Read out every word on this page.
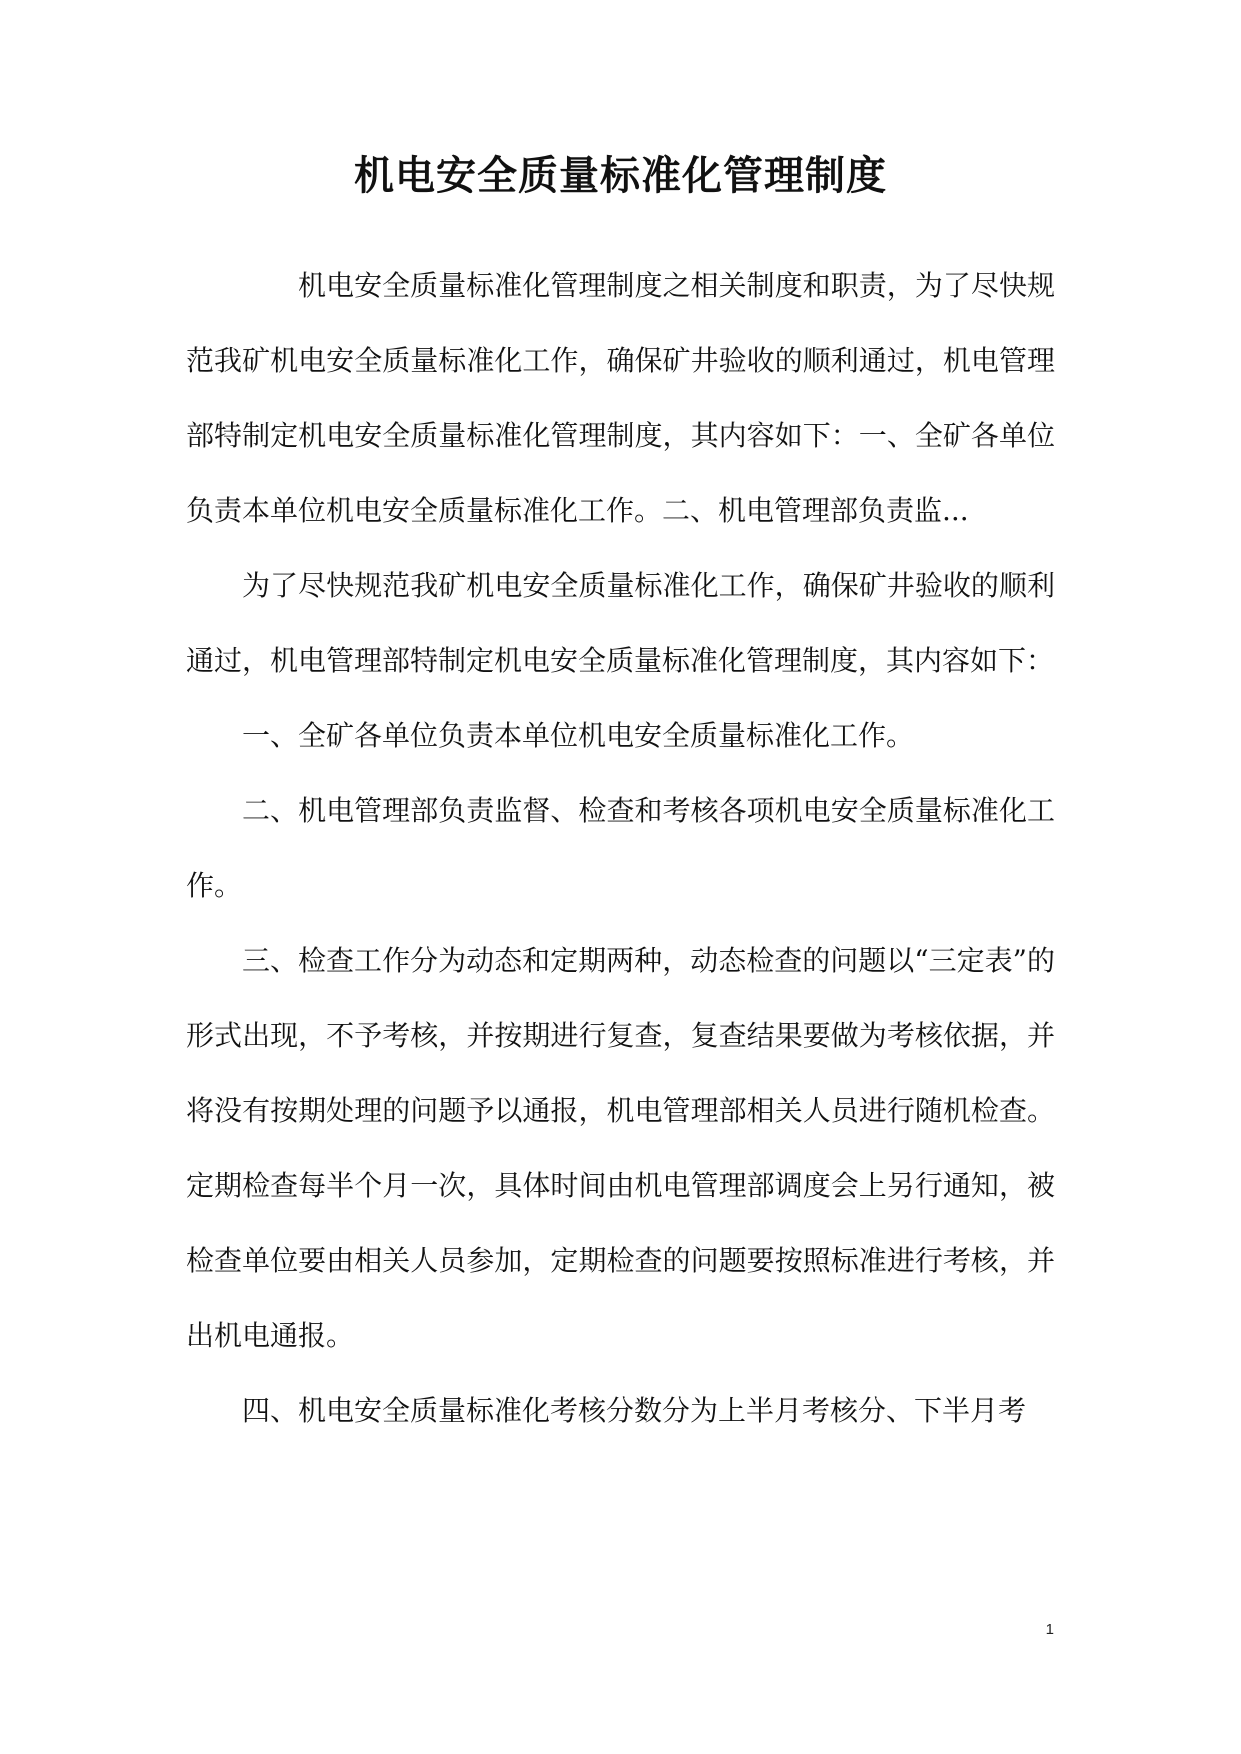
机电安全质量标准化管理制度

机电安全质量标准化管理制度之相关制度和职责，为了尽快规范我矿机电安全质量标准化工作，确保矿井验收的顺利通过，机电管理部特制定机电安全质量标准化管理制度，其内容如下：一、全矿各单位负责本单位机电安全质量标准化工作。二、机电管理部负责监...

为了尽快规范我矿机电安全质量标准化工作，确保矿井验收的顺利通过，机电管理部特制定机电安全质量标准化管理制度，其内容如下：

一、全矿各单位负责本单位机电安全质量标准化工作。

二、机电管理部负责监督、检查和考核各项机电安全质量标准化工作。

三、检查工作分为动态和定期两种，动态检查的问题以“三定表”的形式出现，不予考核，并按期进行复查，复查结果要做为考核依据，并将没有按期处理的问题予以通报，机电管理部相关人员进行随机检查。定期检查每半个月一次，具体时间由机电管理部调度会上另行通知，被检查单位要由相关人员参加，定期检查的问题要按照标准进行考核，并出机电通报。

四、机电安全质量标准化考核分数分为上半月考核分、下半月考

1
